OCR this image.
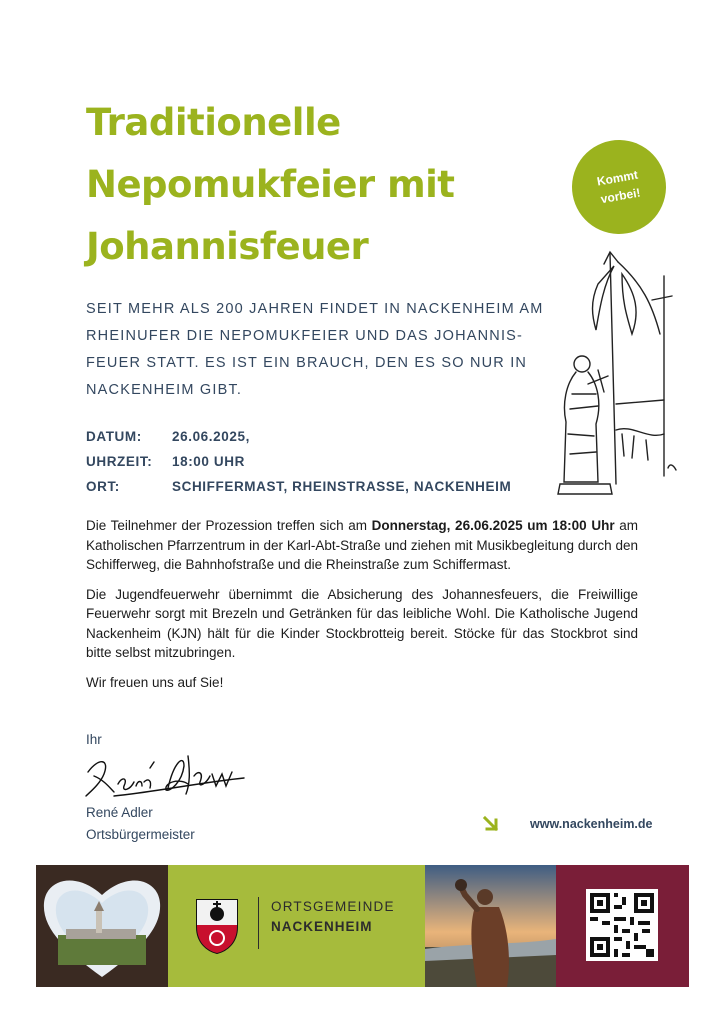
Traditionelle
Nepomukfeier mit
Johannisfeuer
Kommt
vorbei!
SEIT MEHR ALS 200 JAHREN FINDET IN NACKENHEIM AM
RHEINUFER DIE NEPOMUKFEIER UND DAS JOHANNIS-
FEUER STATT. ES IST EIN BRAUCH, DEN ES SO NUR IN
NACKENHEIM GIBT.
DATUM:	26.06.2025,
UHRZEIT:	18:00 UHR
ORT:	SCHIFFERMAST, RHEINSTRASSE, NACKENHEIM

Die Teilnehmer der Prozession treffen sich am Donnerstag, 26.06.2025 um 18:00 Uhr am Katholischen Pfarrzentrum in der Karl-Abt-Straße und ziehen mit Musikbegleitung durch den Schifferweg, die Bahnhofstraße und die Rheinstraße zum Schiffermast.

Die Jugendfeuerwehr übernimmt die Absicherung des Johannesfeuers, die Freiwillige Feuerwehr sorgt mit Brezeln und Getränken für das leibliche Wohl. Die Katholische Jugend Nackenheim (KJN) hält für die Kinder Stockbrotteig bereit. Stöcke für das Stockbrot sind bitte selbst mitzubringen.

Wir freuen uns auf Sie!

Ihr
René Adler
Ortsbürgermeister
www.nackenheim.de
ORTSGEMEINDE
NACKENHEIM
